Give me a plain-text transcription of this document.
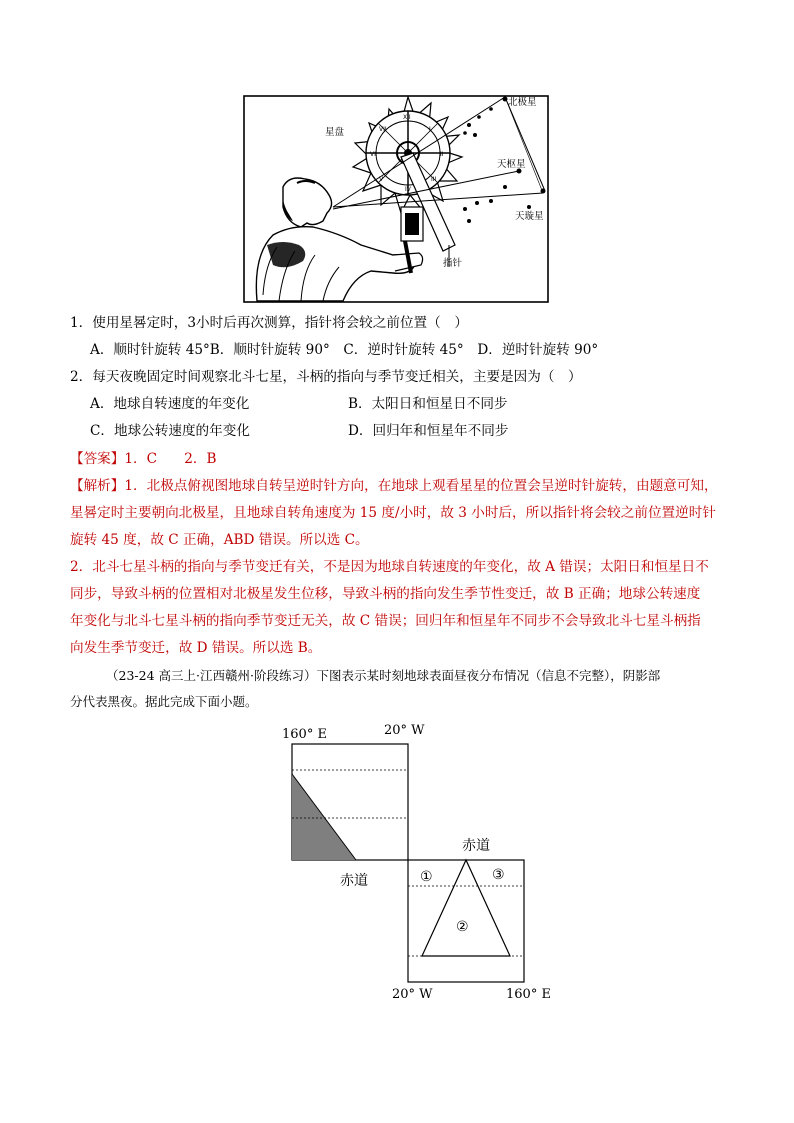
XII
I
II
III
IV
V
VI
VII
北极星
星盘
天枢星
天璇星
指针
1．使用星晷定时，3小时后再次测算，指针将会较之前位置（　）
A．顺时针旋转 45°B．顺时针旋转 90°　C．逆时针旋转 45°　D．逆时针旋转 90°
2．每天夜晚固定时间观察北斗七星，斗柄的指向与季节变迁相关，主要是因为（　）
A．地球自转速度的年变化	B．太阳日和恒星日不同步
C．地球公转速度的年变化	D．回归年和恒星年不同步
【答案】1．C　　2．B
【解析】1．北极点俯视图地球自转呈逆时针方向，在地球上观看星星的位置会呈逆时针旋转，由题意可知，
星晷定时主要朝向北极星，且地球自转角速度为 15 度/小时，故 3 小时后，所以指针将会较之前位置逆时针
旋转 45 度，故 C 正确，ABD 错误。所以选 C。
2．北斗七星斗柄的指向与季节变迁有关，不是因为地球自转速度的年变化，故 A 错误；太阳日和恒星日不
同步，导致斗柄的位置相对北极星发生位移，导致斗柄的指向发生季节性变迁，故 B 正确；地球公转速度
年变化与北斗七星斗柄的指向季节变迁无关，故 C 错误；回归年和恒星年不同步不会导致北斗七星斗柄指
向发生季节变迁，故 D 错误。所以选 B。
（23-24 高三上·江西赣州·阶段练习）下图表示某时刻地球表面昼夜分布情况（信息不完整），阴影部
分代表黑夜。据此完成下面小题。
160° E	20° W
20° W	160° E
赤道
赤道	①	③
②
